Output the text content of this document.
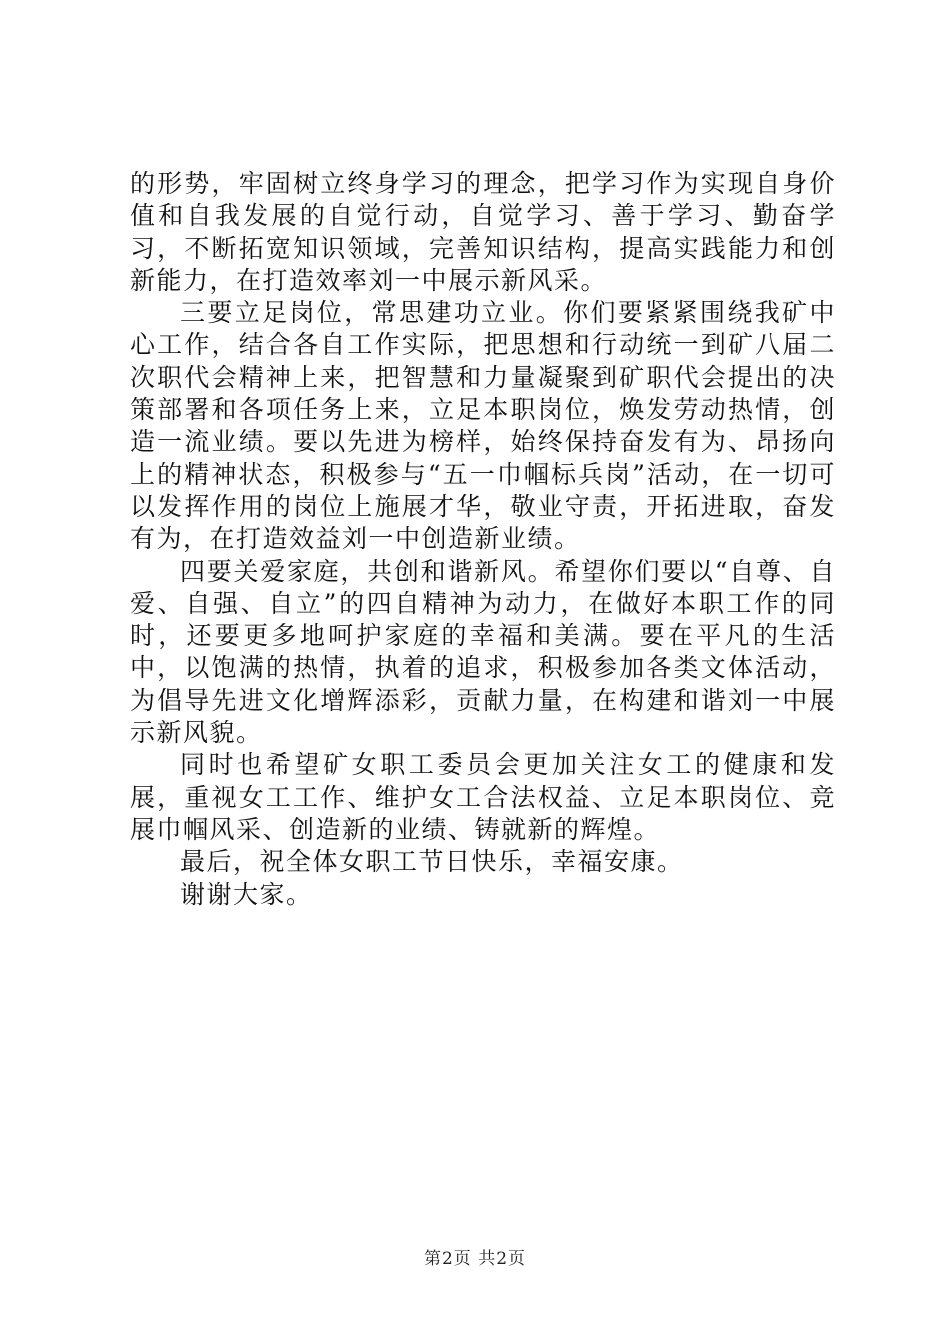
的形势，牢固树立终身学习的理念，把学习作为实现自身价值和自我发展的自觉行动，自觉学习、善于学习、勤奋学习，不断拓宽知识领域，完善知识结构，提高实践能力和创新能力，在打造效率刘一中展示新风采。

三要立足岗位，常思建功立业。你们要紧紧围绕我矿中心工作，结合各自工作实际，把思想和行动统一到矿八届二次职代会精神上来，把智慧和力量凝聚到矿职代会提出的决策部署和各项任务上来，立足本职岗位，焕发劳动热情，创造一流业绩。要以先进为榜样，始终保持奋发有为、昂扬向上的精神状态，积极参与“五一巾帼标兵岗”活动，在一切可以发挥作用的岗位上施展才华，敬业守责，开拓进取，奋发有为，在打造效益刘一中创造新业绩。

四要关爱家庭，共创和谐新风。希望你们要以“自尊、自爱、自强、自立”的四自精神为动力，在做好本职工作的同时，还要更多地呵护家庭的幸福和美满。要在平凡的生活中，以饱满的热情，执着的追求，积极参加各类文体活动，为倡导先进文化增辉添彩，贡献力量，在构建和谐刘一中展示新风貌。

同时也希望矿女职工委员会更加关注女工的健康和发展，重视女工工作、维护女工合法权益、立足本职岗位、竞展巾帼风采、创造新的业绩、铸就新的辉煌。

最后，祝全体女职工节日快乐，幸福安康。

谢谢大家。

第2页 共2页
